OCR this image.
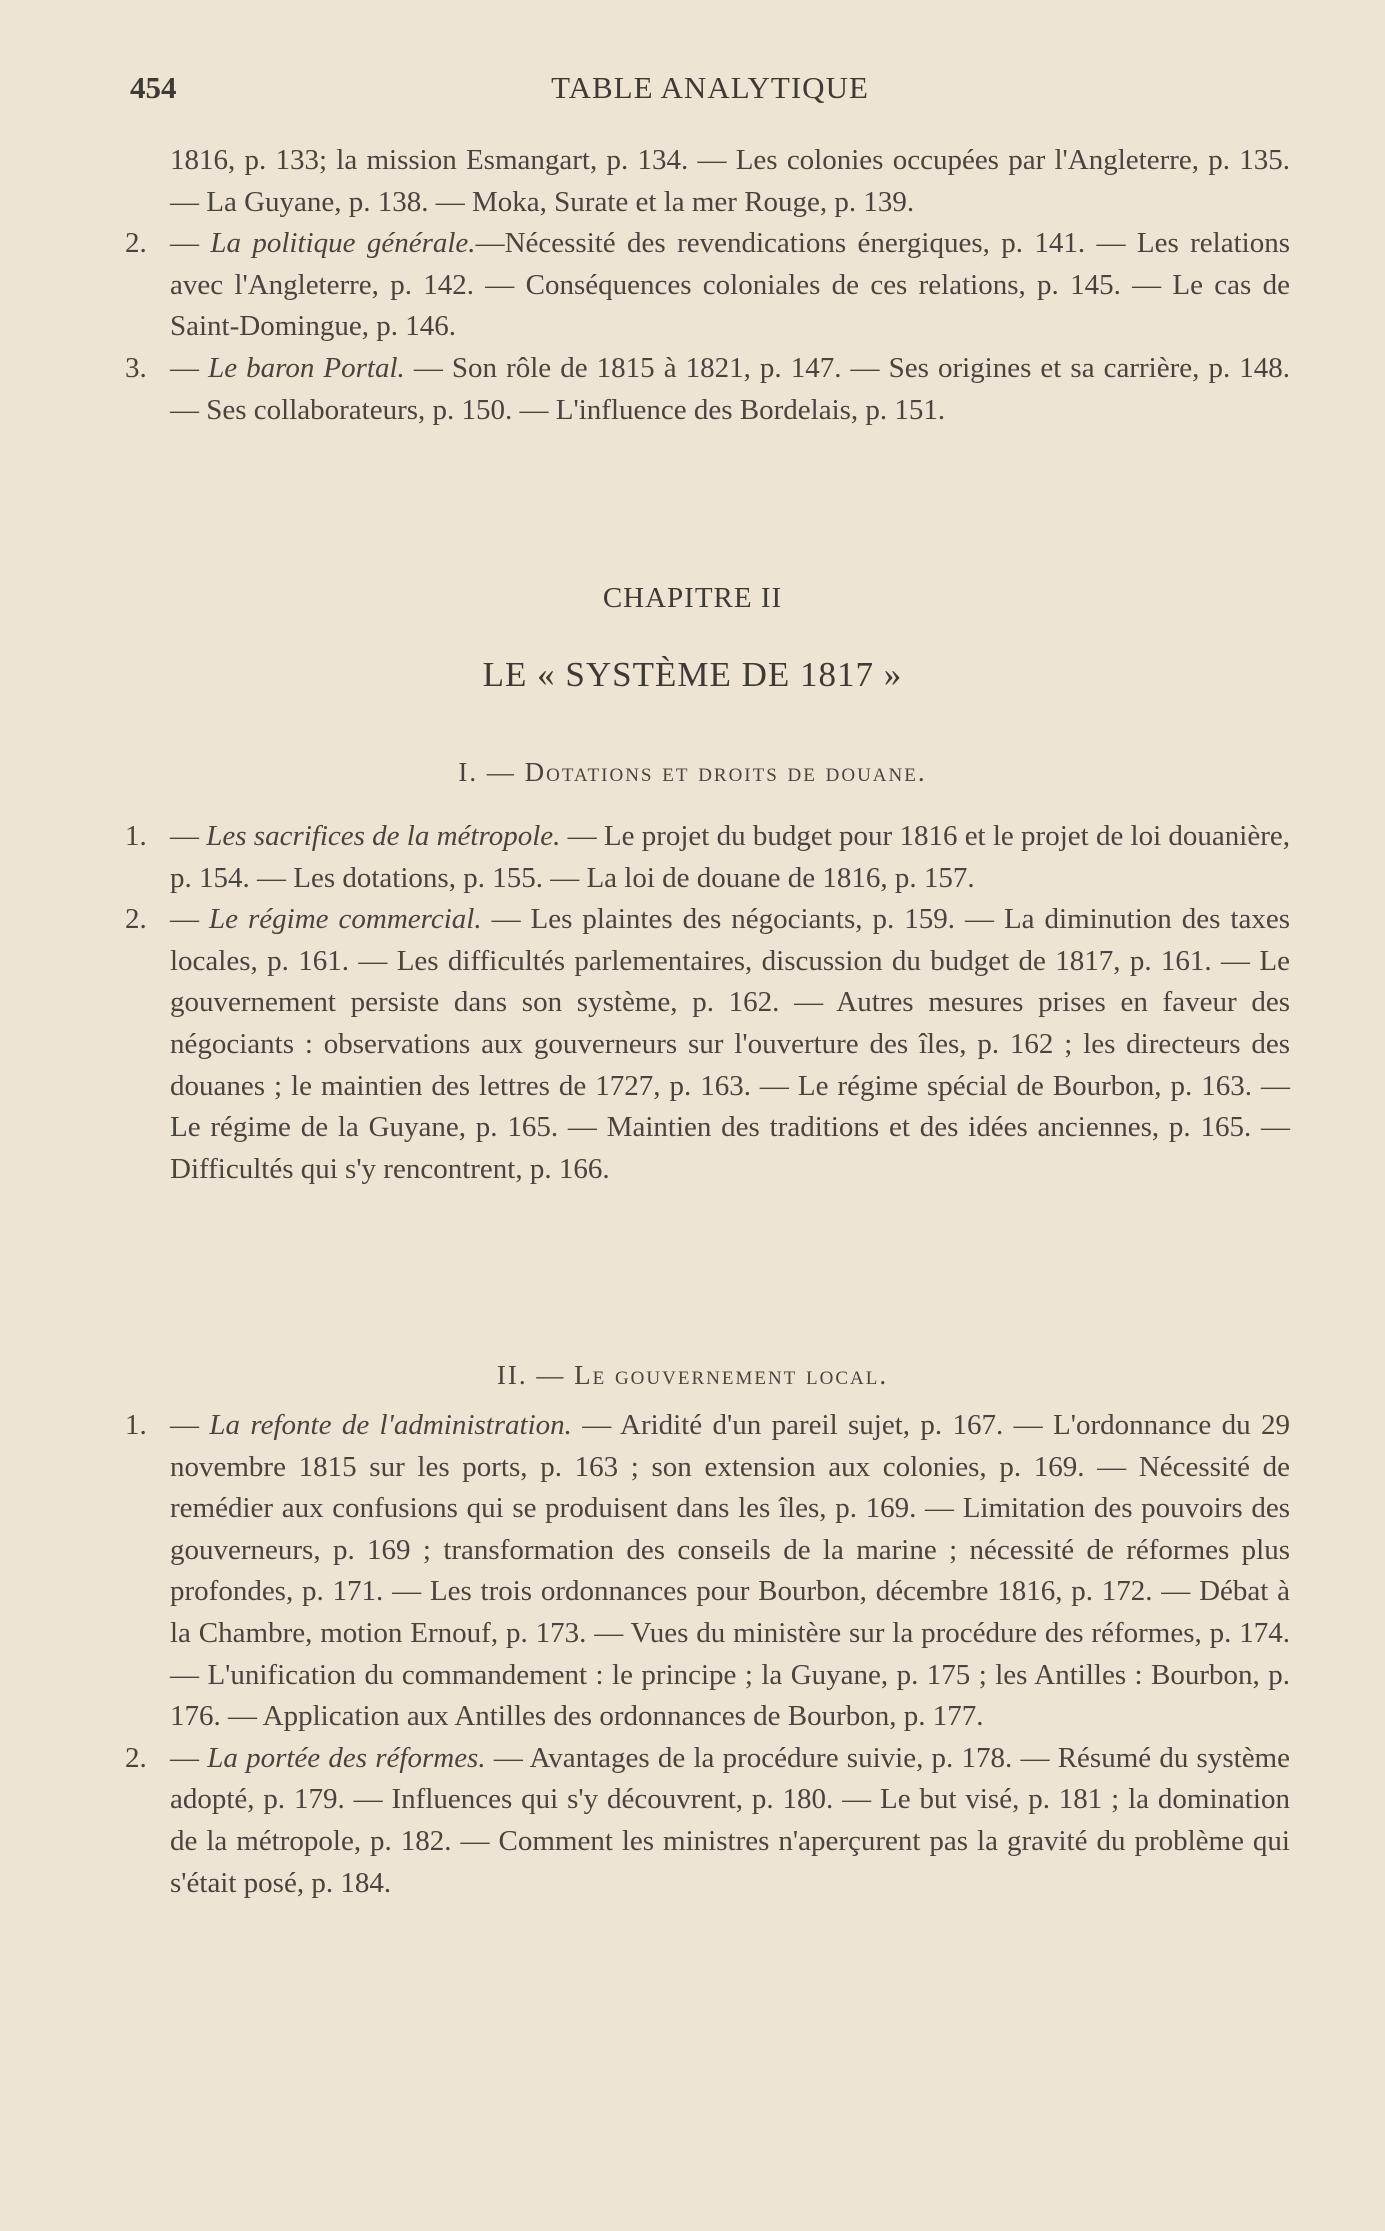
454	TABLE ANALYTIQUE

1816, p. 133; la mission Esmangart, p. 134. — Les colonies occupées par l'Angleterre, p. 135. — La Guyane, p. 138. — Moka, Surate et la mer Rouge, p. 139.

2. — La politique générale.—Nécessité des revendications énergiques, p. 141. — Les relations avec l'Angleterre, p. 142. — Conséquences coloniales de ces relations, p. 145. — Le cas de Saint-Domingue, p. 146.

3. — Le baron Portal. — Son rôle de 1815 à 1821, p. 147. — Ses origines et sa carrière, p. 148. — Ses collaborateurs, p. 150. — L'influence des Bordelais, p. 151.

CHAPITRE II
LE « SYSTÈME DE 1817 »
I. — Dotations et droits de douane.

1. — Les sacrifices de la métropole. — Le projet du budget pour 1816 et le projet de loi douanière, p. 154. — Les dotations, p. 155. — La loi de douane de 1816, p. 157.

2. — Le régime commercial. — Les plaintes des négociants, p. 159. — La diminution des taxes locales, p. 161. — Les difficultés parlementaires, discussion du budget de 1817, p. 161. — Le gouvernement persiste dans son système, p. 162. — Autres mesures prises en faveur des négociants : observations aux gouverneurs sur l'ouverture des îles, p. 162 ; les directeurs des douanes ; le maintien des lettres de 1727, p. 163. — Le régime spécial de Bourbon, p. 163. — Le régime de la Guyane, p. 165. — Maintien des traditions et des idées anciennes, p. 165. — Difficultés qui s'y rencontrent, p. 166.

II. — Le gouvernement local.

1. — La refonte de l'administration. — Aridité d'un pareil sujet, p. 167. — L'ordonnance du 29 novembre 1815 sur les ports, p. 163 ; son extension aux colonies, p. 169. — Nécessité de remédier aux confusions qui se produisent dans les îles, p. 169. — Limitation des pouvoirs des gouverneurs, p. 169 ; transformation des conseils de la marine ; nécessité de réformes plus profondes, p. 171. — Les trois ordonnances pour Bourbon, décembre 1816, p. 172. — Débat à la Chambre, motion Ernouf, p. 173. — Vues du ministère sur la procédure des réformes, p. 174. — L'unification du commandement : le principe ; la Guyane, p. 175 ; les Antilles : Bourbon, p. 176. — Application aux Antilles des ordonnances de Bourbon, p. 177.

2. — La portée des réformes. — Avantages de la procédure suivie, p. 178. — Résumé du système adopté, p. 179. — Influences qui s'y découvrent, p. 180. — Le but visé, p. 181 ; la domination de la métropole, p. 182. — Comment les ministres n'aperçurent pas la gravité du problème qui s'était posé, p. 184.
